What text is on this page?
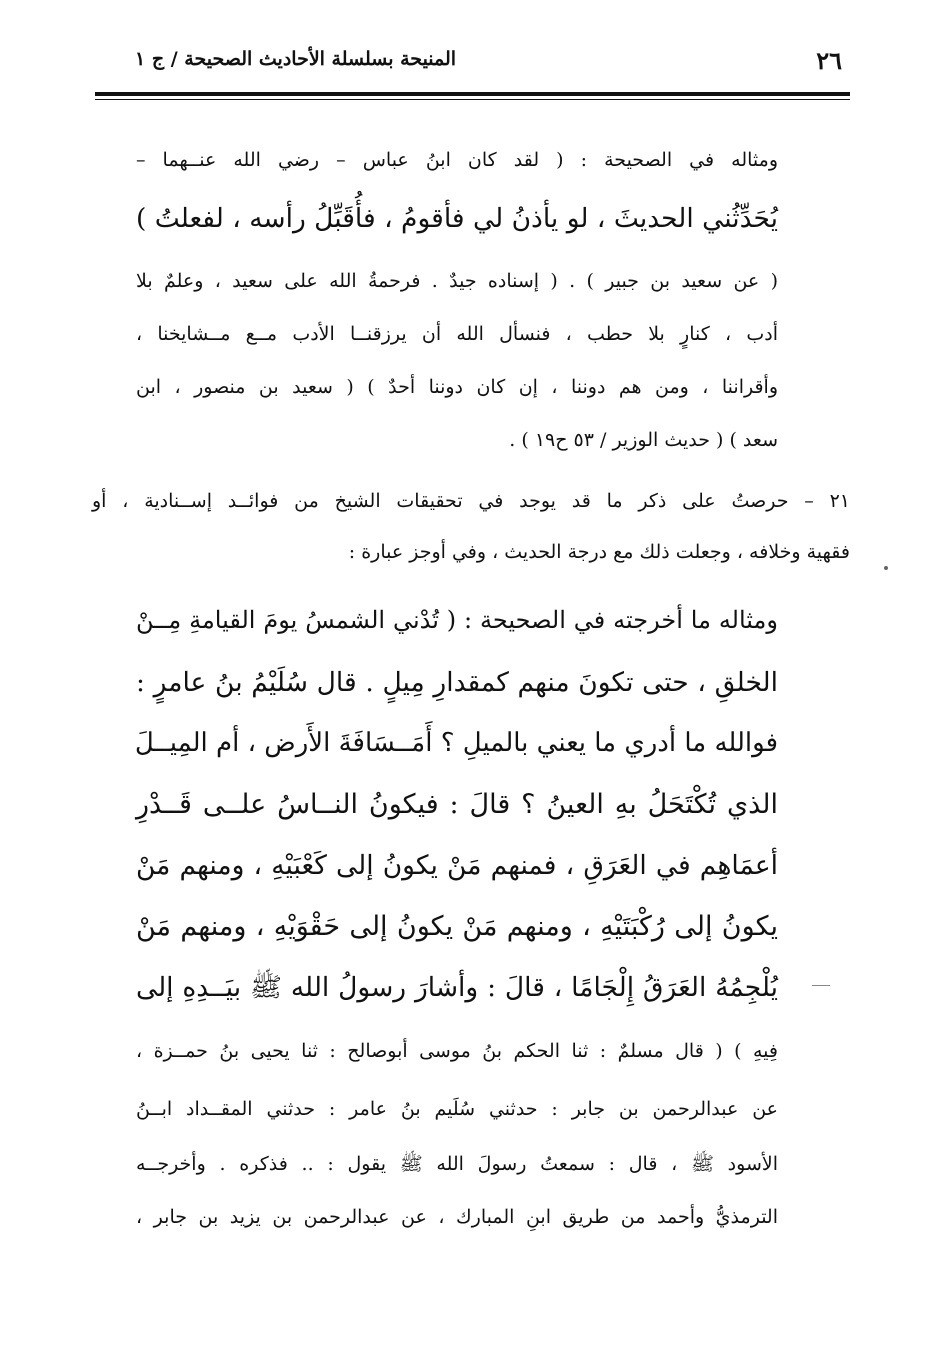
٢٦
المنيحة بسلسلة الأحاديث الصحيحة / ج ١
ومثاله في الصحيحة : ( لقد كان ابنُ عباس – رضي الله عنــهما –
يُحَدِّثُني الحديثَ ، لو يأذنُ لي فأقومُ ، فأُقَبِّلُ رأسه ، لفعلتُ )
( عن سعيد بن جبير ) . ( إسناده جيدٌ . فرحمةُ الله على سعيد ، وعلمٌ بلا
أدب ، كنارٍ بلا حطب ، فنسأل الله أن يرزقنــا الأدب مــع مــشايخنا ،
وأقراننا ، ومن هم دوننا ، إن كان دوننا أحدٌ ) ( سعيد بن منصور ، ابن
سعد ) ( حديث الوزير / ٥٣ ح١٩ ) .
٢١ – حرصتُ على ذكر ما قد يوجد في تحقيقات الشيخ من فوائــد إســنادية ، أو
فقهية وخلافه ، وجعلت ذلك مع درجة الحديث ، وفي أوجز عبارة :
ومثاله ما أخرجته في الصحيحة : ( تُدْني الشمسُ يومَ القيامةِ مِــنْ
الخلقِ ، حتى تكونَ منهم كمقدارِ مِيلٍ . قال سُلَيْمُ بنُ عامرٍ :
فوالله ما أدري ما يعني بالميلِ ؟ أَمَــسَافَةَ الأَرض ، أم المِيــلَ
الذي تُكْتَحَلُ بهِ العينُ ؟ قالَ : فيكونُ النــاسُ علــى قَــدْرِ
أعمَاهِم في العَرَقِ ، فمنهم مَنْ يكونُ إلى كَعْبَيْهِ ، ومنهم مَنْ
يكونُ إلى رُكْبَتَيْهِ ، ومنهم مَنْ يكونُ إلى حَقْوَيْهِ ، ومنهم مَنْ
يُلْجِمُهُ العَرَقُ إِلْجَامًا ، قالَ : وأشارَ رسولُ الله ﷺ بيَــدِهِ إلى
فِيهِ ) ( قال مسلمٌ : ثنا الحكم بنُ موسى أبوصالح : ثنا يحيى بنُ حمــزة ،
عن عبدالرحمن بن جابر : حدثني سُلَيم بنُ عامر : حدثني المقــداد ابــنُ
الأسود ﷺ ، قال : سمعتُ رسولَ الله ﷺ يقول : .. فذكره . وأخرجــه
الترمذيُّ وأحمد من طريق ابنِ المبارك ، عن عبدالرحمن بن يزيد بن جابر ،
